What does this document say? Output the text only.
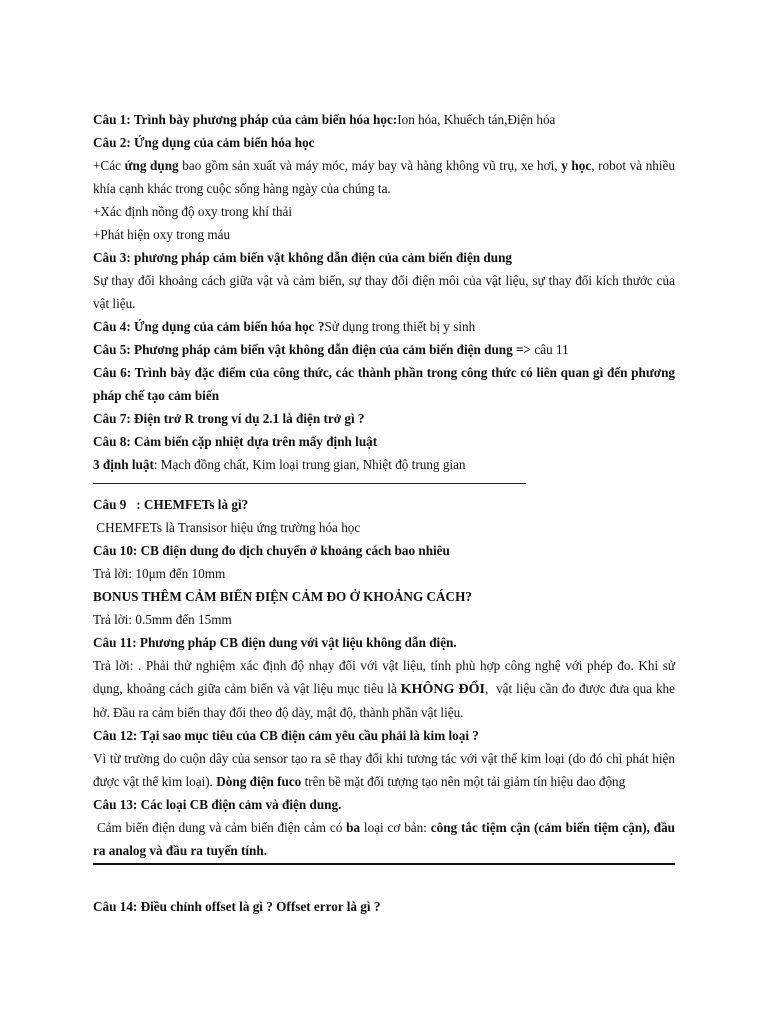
Câu 1: Trình bày phương pháp của cảm biến hóa học:Ion hóa, Khuếch tán,Điện hóa
Câu 2: Ứng dụng của cảm biến hóa học
+Các ứng dụng bao gồm sản xuất và máy móc, máy bay và hàng không vũ trụ, xe hơi, y học, robot và nhiều khía cạnh khác trong cuộc sống hàng ngày của chúng ta.
+Xác định nồng độ oxy trong khí thải
+Phát hiện oxy trong máu
Câu 3: phương pháp cảm biến vật không dẫn điện của cảm biến điện dung
Sự thay đổi khoảng cách giữa vật và cảm biến, sự thay đổi điện môi của vật liệu, sự thay đổi kích thước của vật liệu.
Câu 4: Ứng dụng của cảm biến hóa học ?Sử dụng trong thiết bị y sinh
Câu 5: Phương pháp cảm biến vật không dẫn điện của cảm biến điện dung => câu 11
Câu 6: Trình bày đặc điểm của công thức, các thành phần trong công thức có liên quan gì đến phương pháp chế tạo cảm biến
Câu 7: Điện trở R trong ví dụ 2.1 là điện trở gì ?
Câu 8: Cảm biến cặp nhiệt dựa trên mấy định luật
3 định luật: Mạch đồng chất, Kim loại trung gian, Nhiệt độ trung gian
Câu 9   : CHEMFETs là gì?
CHEMFETs là Transisor hiệu ứng trường hóa học
Câu 10: CB điện dung đo dịch chuyển ở khoảng cách bao nhiêu
Trả lời: 10μm đến 10mm
BONUS THÊM CẢM BIẾN ĐIỆN CẢM ĐO Ở KHOẢNG CÁCH?
Trả lời: 0.5mm đến 15mm
Câu 11: Phương pháp CB điện dung với vật liệu không dẫn điện.
Trả lời: . Phải thử nghiệm xác định độ nhạy đối với vật liệu, tính phù hợp công nghệ với phép đo. Khi sử dụng, khoảng cách giữa cảm biến và vật liệu mục tiêu là KHÔNG ĐỔI,  vật liệu cần đo được đưa qua khe hở. Đầu ra cảm biến thay đổi theo độ dày, mật độ, thành phần vật liệu.
Câu 12: Tại sao mục tiêu của CB điện cảm yêu cầu phải là kim loại ?
Vì từ trường do cuộn dây của sensor tạo ra sẽ thay đổi khi tương tác với vật thể kim loại (do đó chỉ phát hiện được vật thể kim loại). Dòng điện fuco trên bề mặt đối tượng tạo nên một tải giảm tín hiệu dao động
Câu 13: Các loại CB điện cảm và điện dung.
Cảm biến điện dung và cảm biến điện cảm có ba loại cơ bản: công tắc tiệm cận (cảm biến tiệm cận), đầu ra analog và đầu ra tuyến tính.
Câu 14: Điều chỉnh offset là gì ? Offset error là gì ?
